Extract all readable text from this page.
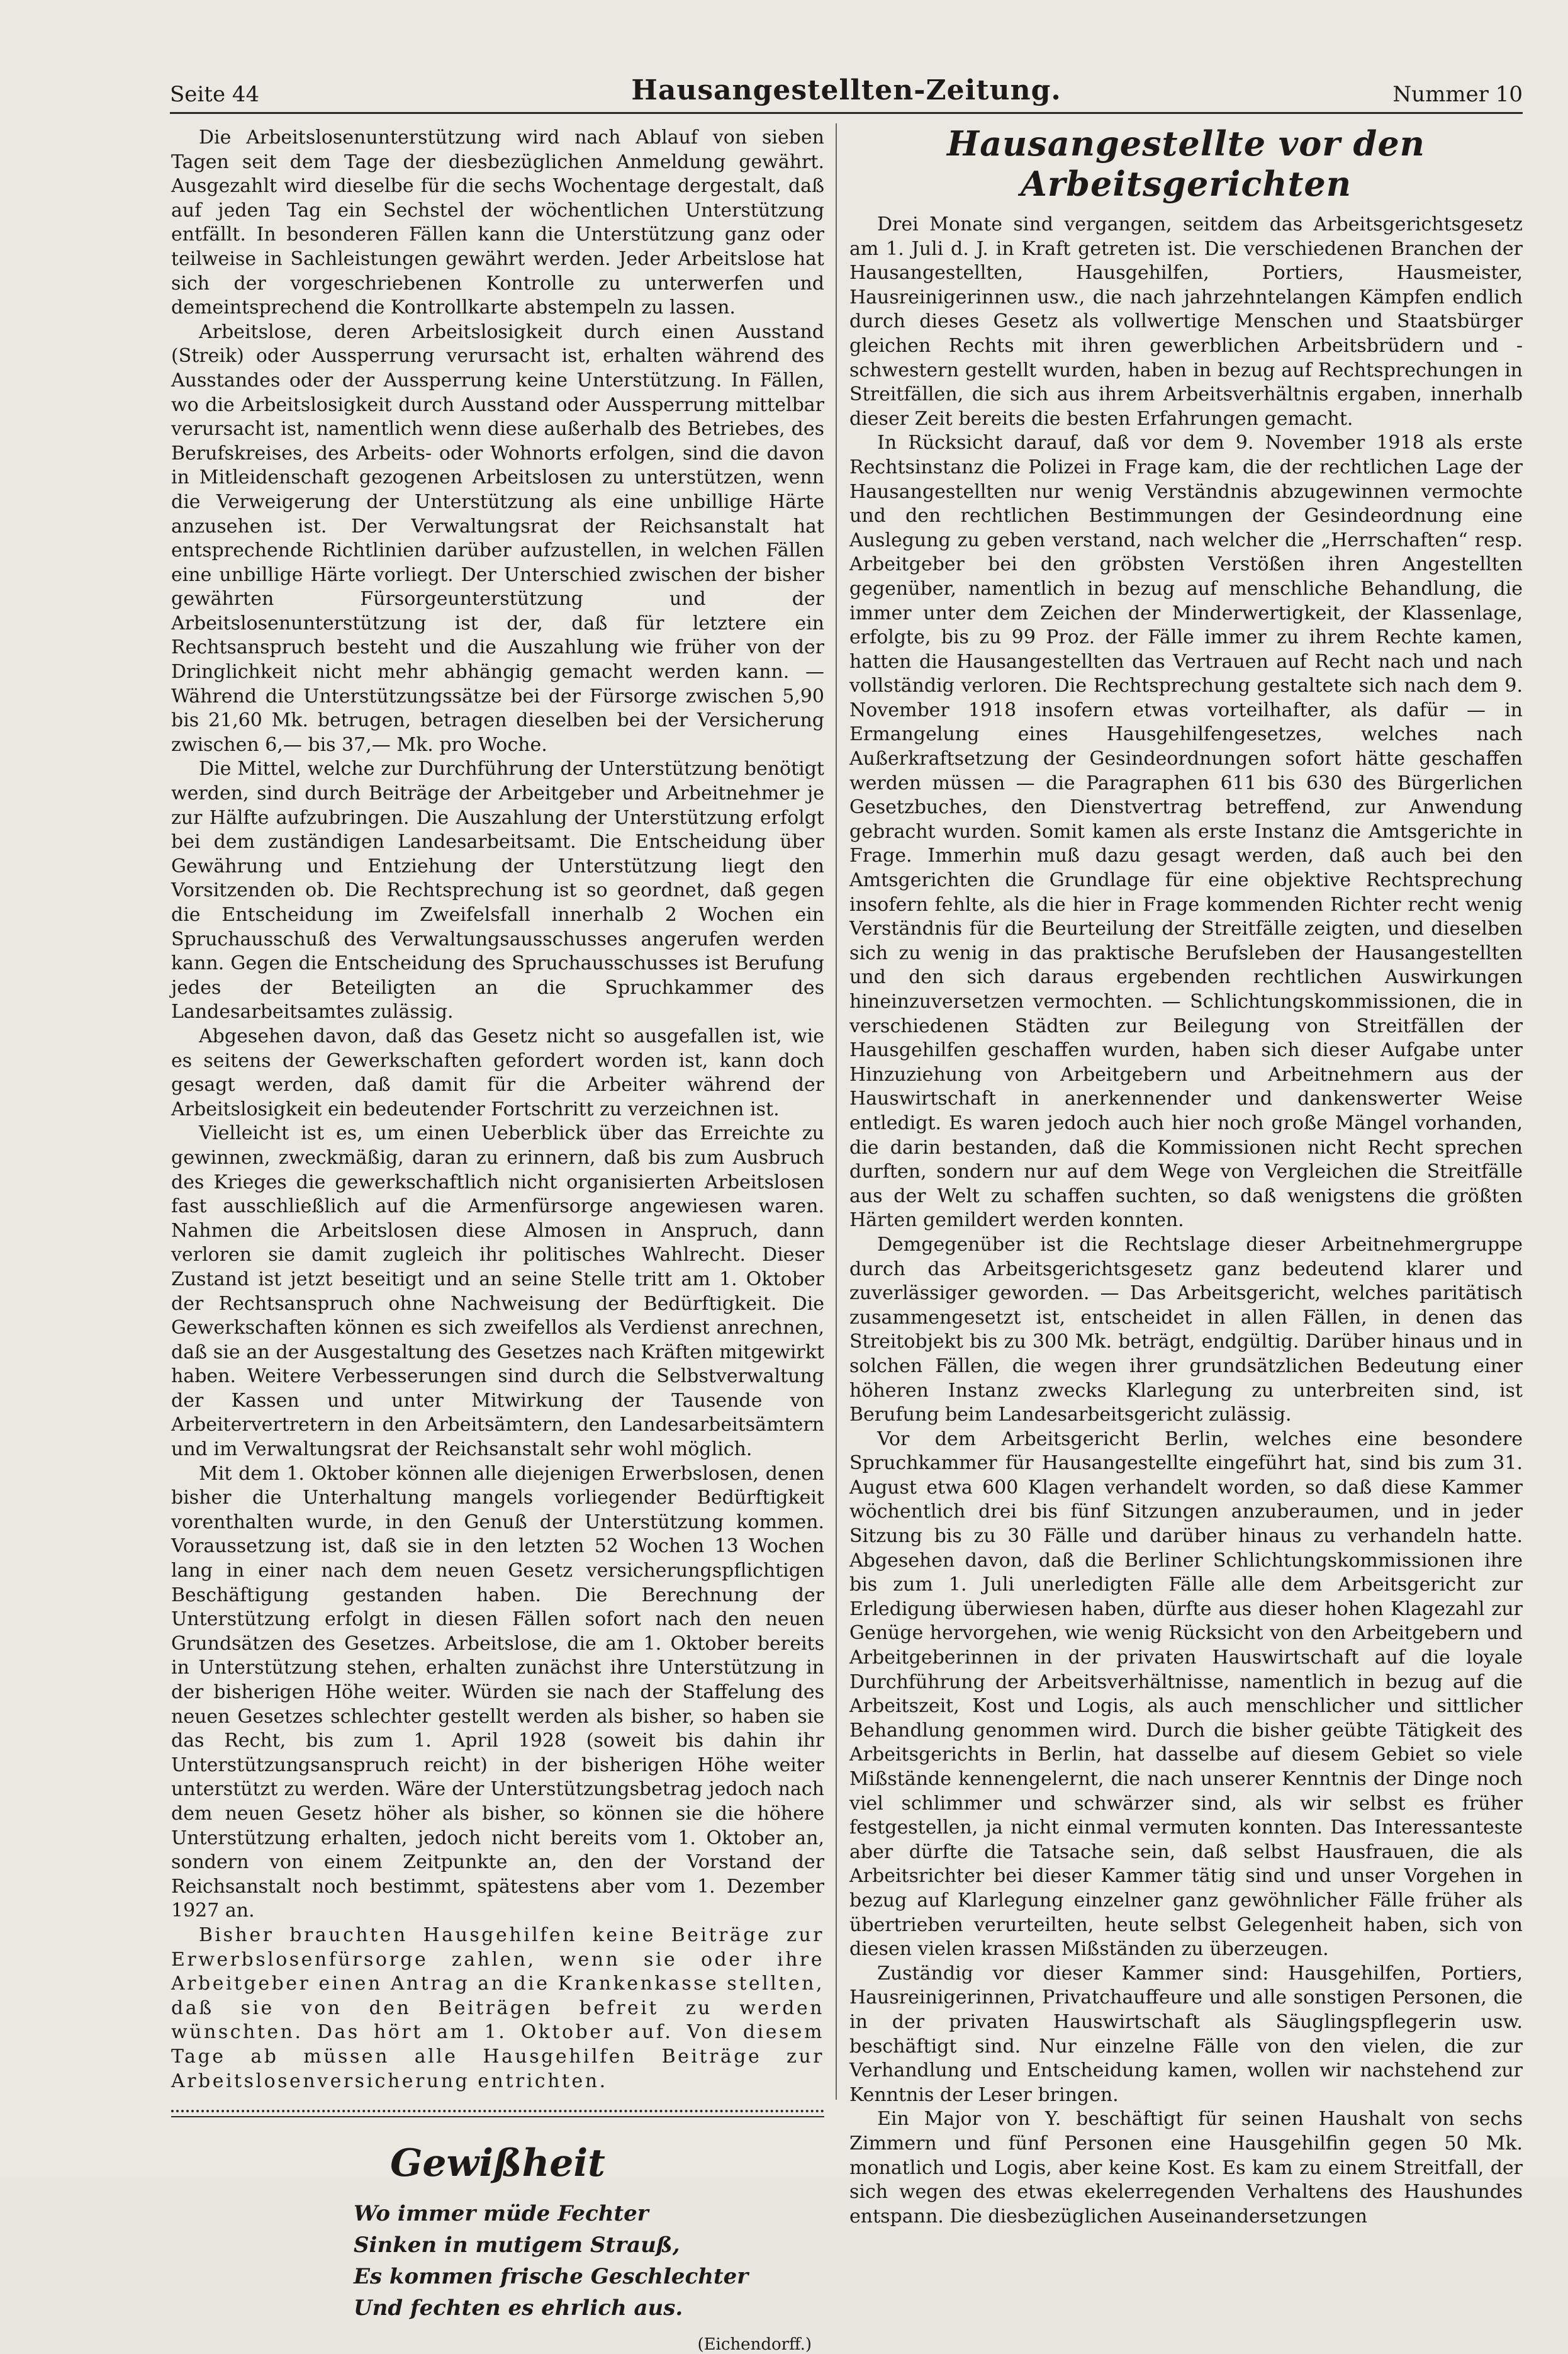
Seite 44	Hausangestellten-Zeitung.	Nummer 10

Die Arbeitslosenunterstützung wird nach Ablauf von sieben Tagen seit dem Tage der diesbezüglichen Anmeldung gewährt. Ausgezahlt wird dieselbe für die sechs Wochentage dergestalt, daß auf jeden Tag ein Sechstel der wöchentlichen Unterstützung entfällt. In besonderen Fällen kann die Unterstützung ganz oder teilweise in Sachleistungen gewährt werden. Jeder Arbeitslose hat sich der vorgeschriebenen Kontrolle zu unterwerfen und demeintsprechend die Kontrollkarte abstempeln zu lassen.

Arbeitslose, deren Arbeitslosigkeit durch einen Ausstand (Streik) oder Aussperrung verursacht ist, erhalten während des Ausstandes oder der Aussperrung keine Unterstützung. In Fällen, wo die Arbeitslosigkeit durch Ausstand oder Aussperrung mittelbar verursacht ist, namentlich wenn diese außerhalb des Betriebes, des Berufskreises, des Arbeits- oder Wohnorts erfolgen, sind die davon in Mitleidenschaft gezogenen Arbeitslosen zu unterstützen, wenn die Verweigerung der Unterstützung als eine unbillige Härte anzusehen ist. Der Verwaltungsrat der Reichsanstalt hat entsprechende Richtlinien darüber aufzustellen, in welchen Fällen eine unbillige Härte vorliegt. Der Unterschied zwischen der bisher gewährten Fürsorgeunterstützung und der Arbeitslosenunterstützung ist der, daß für letztere ein Rechtsanspruch besteht und die Auszahlung wie früher von der Dringlichkeit nicht mehr abhängig gemacht werden kann. — Während die Unterstützungssätze bei der Fürsorge zwischen 5,90 bis 21,60 Mk. betrugen, betragen dieselben bei der Versicherung zwischen 6,— bis 37,— Mk. pro Woche.

Die Mittel, welche zur Durchführung der Unterstützung benötigt werden, sind durch Beiträge der Arbeitgeber und Arbeitnehmer je zur Hälfte aufzubringen. Die Auszahlung der Unterstützung erfolgt bei dem zuständigen Landesarbeitsamt. Die Entscheidung über Gewährung und Entziehung der Unterstützung liegt den Vorsitzenden ob. Die Rechtsprechung ist so geordnet, daß gegen die Entscheidung im Zweifelsfall innerhalb 2 Wochen ein Spruchausschuß des Verwaltungsausschusses angerufen werden kann. Gegen die Entscheidung des Spruchausschusses ist Berufung jedes der Beteiligten an die Spruchkammer des Landesarbeitsamtes zulässig.

Abgesehen davon, daß das Gesetz nicht so ausgefallen ist, wie es seitens der Gewerkschaften gefordert worden ist, kann doch gesagt werden, daß damit für die Arbeiter während der Arbeitslosigkeit ein bedeutender Fortschritt zu verzeichnen ist.

Vielleicht ist es, um einen Ueberblick über das Erreichte zu gewinnen, zweckmäßig, daran zu erinnern, daß bis zum Ausbruch des Krieges die gewerkschaftlich nicht organisierten Arbeitslosen fast ausschließlich auf die Armenfürsorge angewiesen waren. Nahmen die Arbeitslosen diese Almosen in Anspruch, dann verloren sie damit zugleich ihr politisches Wahlrecht. Dieser Zustand ist jetzt beseitigt und an seine Stelle tritt am 1. Oktober der Rechtsanspruch ohne Nachweisung der Bedürftigkeit. Die Gewerkschaften können es sich zweifellos als Verdienst anrechnen, daß sie an der Ausgestaltung des Gesetzes nach Kräften mitgewirkt haben. Weitere Verbesserungen sind durch die Selbstverwaltung der Kassen und unter Mitwirkung der Tausende von Arbeitervertretern in den Arbeitsämtern, den Landesarbeitsämtern und im Verwaltungsrat der Reichsanstalt sehr wohl möglich.

Mit dem 1. Oktober können alle diejenigen Erwerbslosen, denen bisher die Unterhaltung mangels vorliegender Bedürftigkeit vorenthalten wurde, in den Genuß der Unterstützung kommen. Voraussetzung ist, daß sie in den letzten 52 Wochen 13 Wochen lang in einer nach dem neuen Gesetz versicherungspflichtigen Beschäftigung gestanden haben. Die Berechnung der Unterstützung erfolgt in diesen Fällen sofort nach den neuen Grundsätzen des Gesetzes. Arbeitslose, die am 1. Oktober bereits in Unterstützung stehen, erhalten zunächst ihre Unterstützung in der bisherigen Höhe weiter. Würden sie nach der Staffelung des neuen Gesetzes schlechter gestellt werden als bisher, so haben sie das Recht, bis zum 1. April 1928 (soweit bis dahin ihr Unterstützungsanspruch reicht) in der bisherigen Höhe weiter unterstützt zu werden. Wäre der Unterstützungsbetrag jedoch nach dem neuen Gesetz höher als bisher, so können sie die höhere Unterstützung erhalten, jedoch nicht bereits vom 1. Oktober an, sondern von einem Zeitpunkte an, den der Vorstand der Reichsanstalt noch bestimmt, spätestens aber vom 1. Dezember 1927 an.

Bisher brauchten Hausgehilfen keine Beiträge zur Erwerbslosenfürsorge zahlen, wenn sie oder ihre Arbeitgeber einen Antrag an die Krankenkasse stellten, daß sie von den Beiträgen befreit zu werden wünschten. Das hört am 1. Oktober auf. Von diesem Tage ab müssen alle Hausgehilfen Beiträge zur Arbeitslosenversicherung entrichten.

Gewißheit

Wo immer müde Fechter

Sinken in mutigem Strauß,

Es kommen frische Geschlechter

Und fechten es ehrlich aus.

(Eichendorff.)
Hausangestellte vor den Arbeitsgerichten

Drei Monate sind vergangen, seitdem das Arbeitsgerichtsgesetz am 1. Juli d. J. in Kraft getreten ist. Die verschiedenen Branchen der Hausangestellten, Hausgehilfen, Portiers, Hausmeister, Hausreinigerinnen usw., die nach jahrzehntelangen Kämpfen endlich durch dieses Gesetz als vollwertige Menschen und Staatsbürger gleichen Rechts mit ihren gewerblichen Arbeitsbrüdern und -schwestern gestellt wurden, haben in bezug auf Rechtsprechungen in Streitfällen, die sich aus ihrem Arbeitsverhältnis ergaben, innerhalb dieser Zeit bereits die besten Erfahrungen gemacht.

In Rücksicht darauf, daß vor dem 9. November 1918 als erste Rechtsinstanz die Polizei in Frage kam, die der rechtlichen Lage der Hausangestellten nur wenig Verständnis abzugewinnen vermochte und den rechtlichen Bestimmungen der Gesindeordnung eine Auslegung zu geben verstand, nach welcher die „Herrschaften“ resp. Arbeitgeber bei den gröbsten Verstößen ihren Angestellten gegenüber, namentlich in bezug auf menschliche Behandlung, die immer unter dem Zeichen der Minderwertigkeit, der Klassenlage, erfolgte, bis zu 99 Proz. der Fälle immer zu ihrem Rechte kamen, hatten die Hausangestellten das Vertrauen auf Recht nach und nach vollständig verloren. Die Rechtsprechung gestaltete sich nach dem 9. November 1918 insofern etwas vorteilhafter, als dafür — in Ermangelung eines Hausgehilfengesetzes, welches nach Außerkraftsetzung der Gesindeordnungen sofort hätte geschaffen werden müssen — die Paragraphen 611 bis 630 des Bürgerlichen Gesetzbuches, den Dienstvertrag betreffend, zur Anwendung gebracht wurden. Somit kamen als erste Instanz die Amtsgerichte in Frage. Immerhin muß dazu gesagt werden, daß auch bei den Amtsgerichten die Grundlage für eine objektive Rechtsprechung insofern fehlte, als die hier in Frage kommenden Richter recht wenig Verständnis für die Beurteilung der Streitfälle zeigten, und dieselben sich zu wenig in das praktische Berufsleben der Hausangestellten und den sich daraus ergebenden rechtlichen Auswirkungen hineinzuversetzen vermochten. — Schlichtungskommissionen, die in verschiedenen Städten zur Beilegung von Streitfällen der Hausgehilfen geschaffen wurden, haben sich dieser Aufgabe unter Hinzuziehung von Arbeitgebern und Arbeitnehmern aus der Hauswirtschaft in anerkennender und dankenswerter Weise entledigt. Es waren jedoch auch hier noch große Mängel vorhanden, die darin bestanden, daß die Kommissionen nicht Recht sprechen durften, sondern nur auf dem Wege von Vergleichen die Streitfälle aus der Welt zu schaffen suchten, so daß wenigstens die größten Härten gemildert werden konnten.

Demgegenüber ist die Rechtslage dieser Arbeitnehmergruppe durch das Arbeitsgerichtsgesetz ganz bedeutend klarer und zuverlässiger geworden. — Das Arbeitsgericht, welches paritätisch zusammengesetzt ist, entscheidet in allen Fällen, in denen das Streitobjekt bis zu 300 Mk. beträgt, endgültig. Darüber hinaus und in solchen Fällen, die wegen ihrer grundsätzlichen Bedeutung einer höheren Instanz zwecks Klarlegung zu unterbreiten sind, ist Berufung beim Landesarbeitsgericht zulässig.

Vor dem Arbeitsgericht Berlin, welches eine besondere Spruchkammer für Hausangestellte eingeführt hat, sind bis zum 31. August etwa 600 Klagen verhandelt worden, so daß diese Kammer wöchentlich drei bis fünf Sitzungen anzuberaumen, und in jeder Sitzung bis zu 30 Fälle und darüber hinaus zu verhandeln hatte. Abgesehen davon, daß die Berliner Schlichtungskommissionen ihre bis zum 1. Juli unerledigten Fälle alle dem Arbeitsgericht zur Erledigung überwiesen haben, dürfte aus dieser hohen Klagezahl zur Genüge hervorgehen, wie wenig Rücksicht von den Arbeitgebern und Arbeitgeberinnen in der privaten Hauswirtschaft auf die loyale Durchführung der Arbeitsverhältnisse, namentlich in bezug auf die Arbeitszeit, Kost und Logis, als auch menschlicher und sittlicher Behandlung genommen wird. Durch die bisher geübte Tätigkeit des Arbeitsgerichts in Berlin, hat dasselbe auf diesem Gebiet so viele Mißstände kennengelernt, die nach unserer Kenntnis der Dinge noch viel schlimmer und schwärzer sind, als wir selbst es früher festgestellen, ja nicht einmal vermuten konnten. Das Interessanteste aber dürfte die Tatsache sein, daß selbst Hausfrauen, die als Arbeitsrichter bei dieser Kammer tätig sind und unser Vorgehen in bezug auf Klarlegung einzelner ganz gewöhnlicher Fälle früher als übertrieben verurteilten, heute selbst Gelegenheit haben, sich von diesen vielen krassen Mißständen zu überzeugen.

Zuständig vor dieser Kammer sind: Hausgehilfen, Portiers, Hausreinigerinnen, Privatchauffeure und alle sonstigen Personen, die in der privaten Hauswirtschaft als Säuglingspflegerin usw. beschäftigt sind. Nur einzelne Fälle von den vielen, die zur Verhandlung und Entscheidung kamen, wollen wir nachstehend zur Kenntnis der Leser bringen.

Ein Major von Y. beschäftigt für seinen Haushalt von sechs Zimmern und fünf Personen eine Hausgehilfin gegen 50 Mk. monatlich und Logis, aber keine Kost. Es kam zu einem Streitfall, der sich wegen des etwas ekelerregenden Verhaltens des Haushundes entspann. Die diesbezüglichen Auseinandersetzungen
